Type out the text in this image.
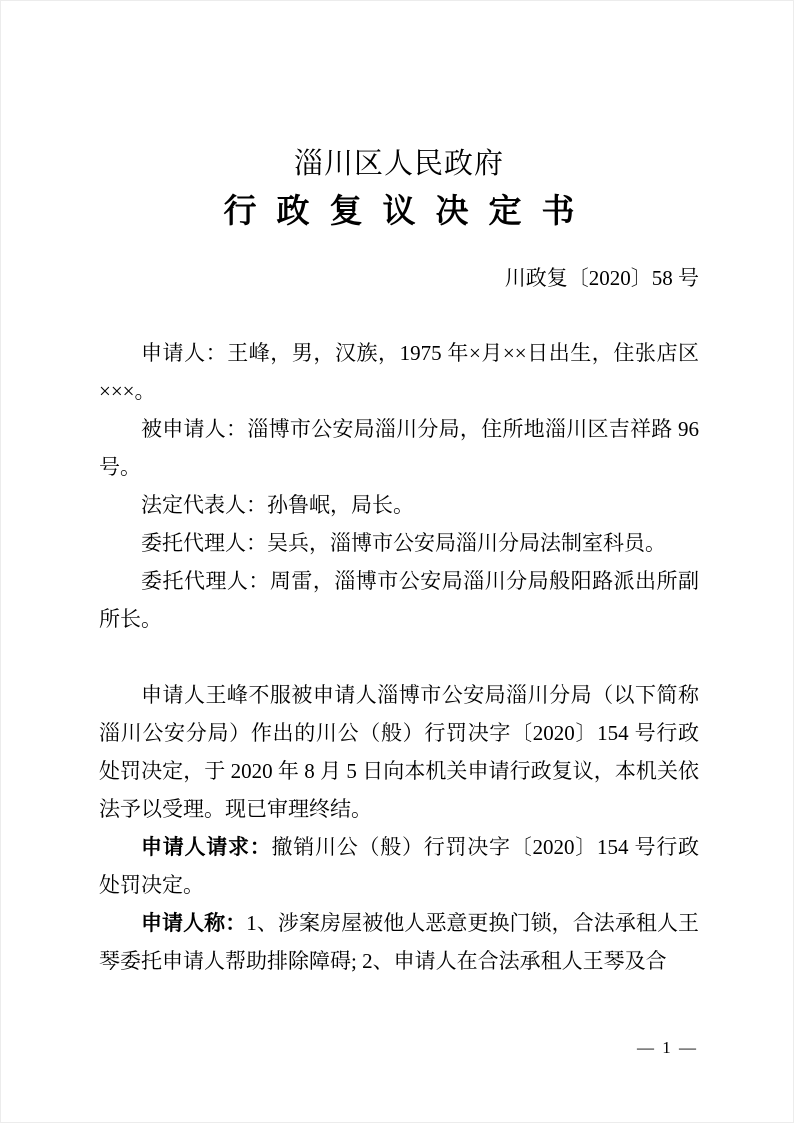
淄川区人民政府
行政复议决定书
川政复〔2020〕58 号

申请人：王峰，男，汉族，1975 年×月××日出生，住张店区×××。

被申请人：淄博市公安局淄川分局，住所地淄川区吉祥路 96 号。

法定代表人：孙鲁岷，局长。

委托代理人：吴兵，淄博市公安局淄川分局法制室科员。

委托代理人：周雷，淄博市公安局淄川分局般阳路派出所副所长。

申请人王峰不服被申请人淄博市公安局淄川分局（以下简称淄川公安分局）作出的川公（般）行罚决字〔2020〕154 号行政处罚决定，于 2020 年 8 月 5 日向本机关申请行政复议，本机关依法予以受理。现已审理终结。

申请人请求：撤销川公（般）行罚决字〔2020〕154 号行政处罚决定。

申请人称：1、涉案房屋被他人恶意更换门锁，合法承租人王琴委托申请人帮助排除障碍; 2、申请人在合法承租人王琴及合

— 1 —
